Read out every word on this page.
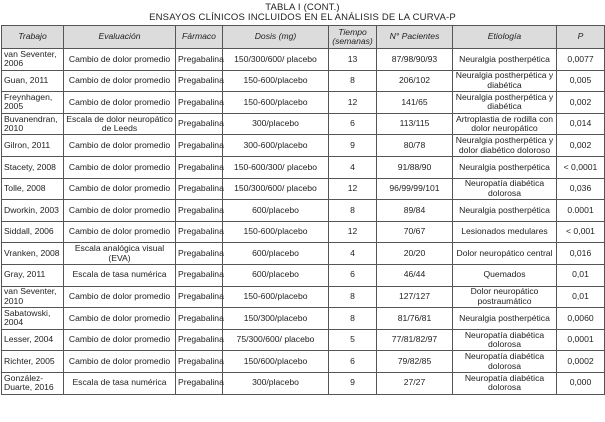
TABLA I (CONT.)
ENSAYOS CLÍNICOS INCLUIDOS EN EL ANÁLISIS DE LA CURVA-P
Trabajo	Evaluación	Fármaco	Dosis (mg)	Tiempo (semanas)	N° Pacientes	Etiología	P
van Seventer, 2006	Cambio de dolor promedio	Pregabalina	150/300/600/ placebo	13	87/98/90/93	Neuralgia postherpética	0,0077
Guan, 2011	Cambio de dolor promedio	Pregabalina	150-600/placebo	8	206/102	Neuralgia postherpética y diabética	0,005
Freynhagen, 2005	Cambio de dolor promedio	Pregabalina	150-600/placebo	12	141/65	Neuralgia postherpética y diabética	0,002
Buvanendran, 2010	Escala de dolor neuropático de Leeds	Pregabalina	300/placebo	6	113/115	Artroplastia de rodilla con dolor neuropático	0,014
Gilron, 2011	Cambio de dolor promedio	Pregabalina	300-600/placebo	9	80/78	Neuralgia postherpética y dolor diabético doloroso	0,002
Stacety, 2008	Cambio de dolor promedio	Pregabalina	150-600/300/ placebo	4	91/88/90	Neuralgia postherpética	< 0,0001
Tolle, 2008	Cambio de dolor promedio	Pregabalina	150/300/600/ placebo	12	96/99/99/101	Neuropatía diabética dolorosa	0,036
Dworkin, 2003	Cambio de dolor promedio	Pregabalina	600/placebo	8	89/84	Neuralgia postherpética	0.0001
Siddall, 2006	Cambio de dolor promedio	Pregabalina	150-600/placebo	12	70/67	Lesionados medulares	< 0,001
Vranken, 2008	Escala analógica visual (EVA)	Pregabalina	600/placebo	4	20/20	Dolor neuropático central	0,016
Gray, 2011	Escala de tasa numérica	Pregabalina	600/placebo	6	46/44	Quemados	0,01
van Seventer, 2010	Cambio de dolor promedio	Pregabalina	150-600/placebo	8	127/127	Dolor neuropático postraumático	0,01
Sabatowski, 2004	Cambio de dolor promedio	Pregabalina	150/300/placebo	8	81/76/81	Neuralgia postherpética	0,0060
Lesser, 2004	Cambio de dolor promedio	Pregabalina	75/300/600/ placebo	5	77/81/82/97	Neuropatía diabética dolorosa	0,0001
Richter, 2005	Cambio de dolor promedio	Pregabalina	150/600/placebo	6	79/82/85	Neuropatía diabética dolorosa	0,0002
González-Duarte, 2016	Escala de tasa numérica	Pregabalina	300/placebo	9	27/27	Neuropatía diabética dolorosa	0,000
